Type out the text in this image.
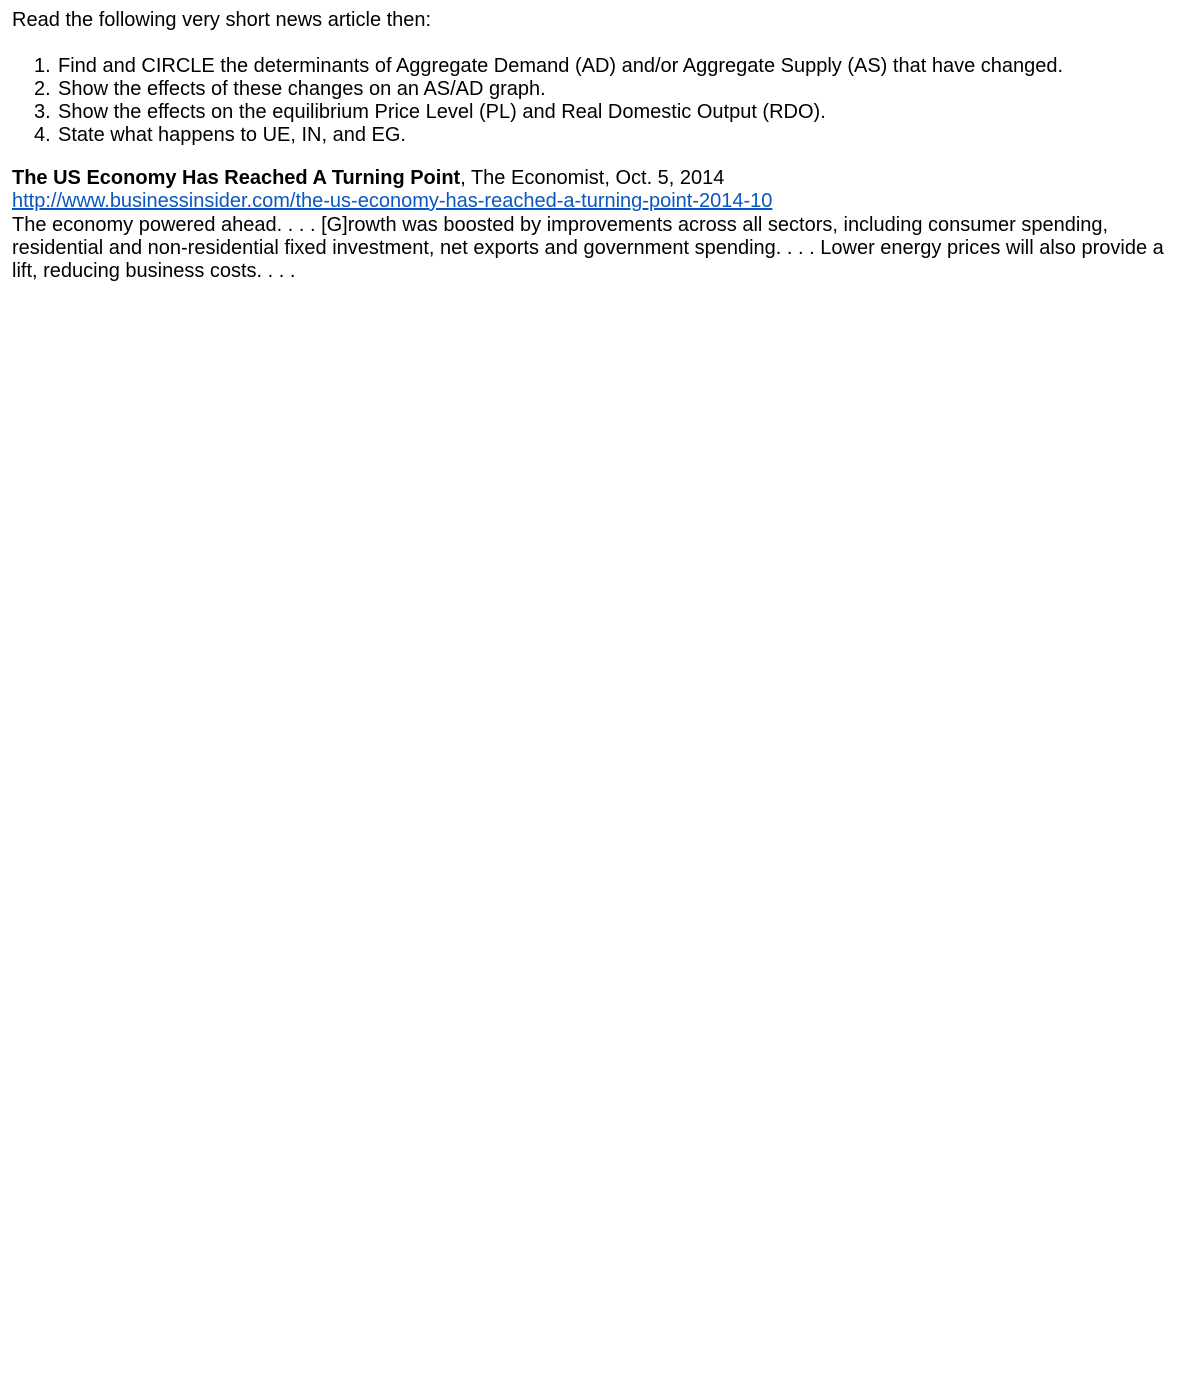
Read the following very short news article then:

1. Find and CIRCLE the determinants of Aggregate Demand (AD) and/or Aggregate Supply (AS) that have changed.
2. Show the effects of these changes on an AS/AD graph.
3. Show the effects on the equilibrium Price Level (PL) and Real Domestic Output (RDO).
4. State what happens to UE, IN, and EG.
The US Economy Has Reached A Turning Point, The Economist, Oct. 5, 2014
http://www.businessinsider.com/the-us-economy-has-reached-a-turning-point-2014-10

The economy powered ahead. . . . [G]rowth was boosted by improvements across all sectors, including consumer spending, residential and non-residential fixed investment, net exports and government spending. . . . Lower energy prices will also provide a lift, reducing business costs. . . .
